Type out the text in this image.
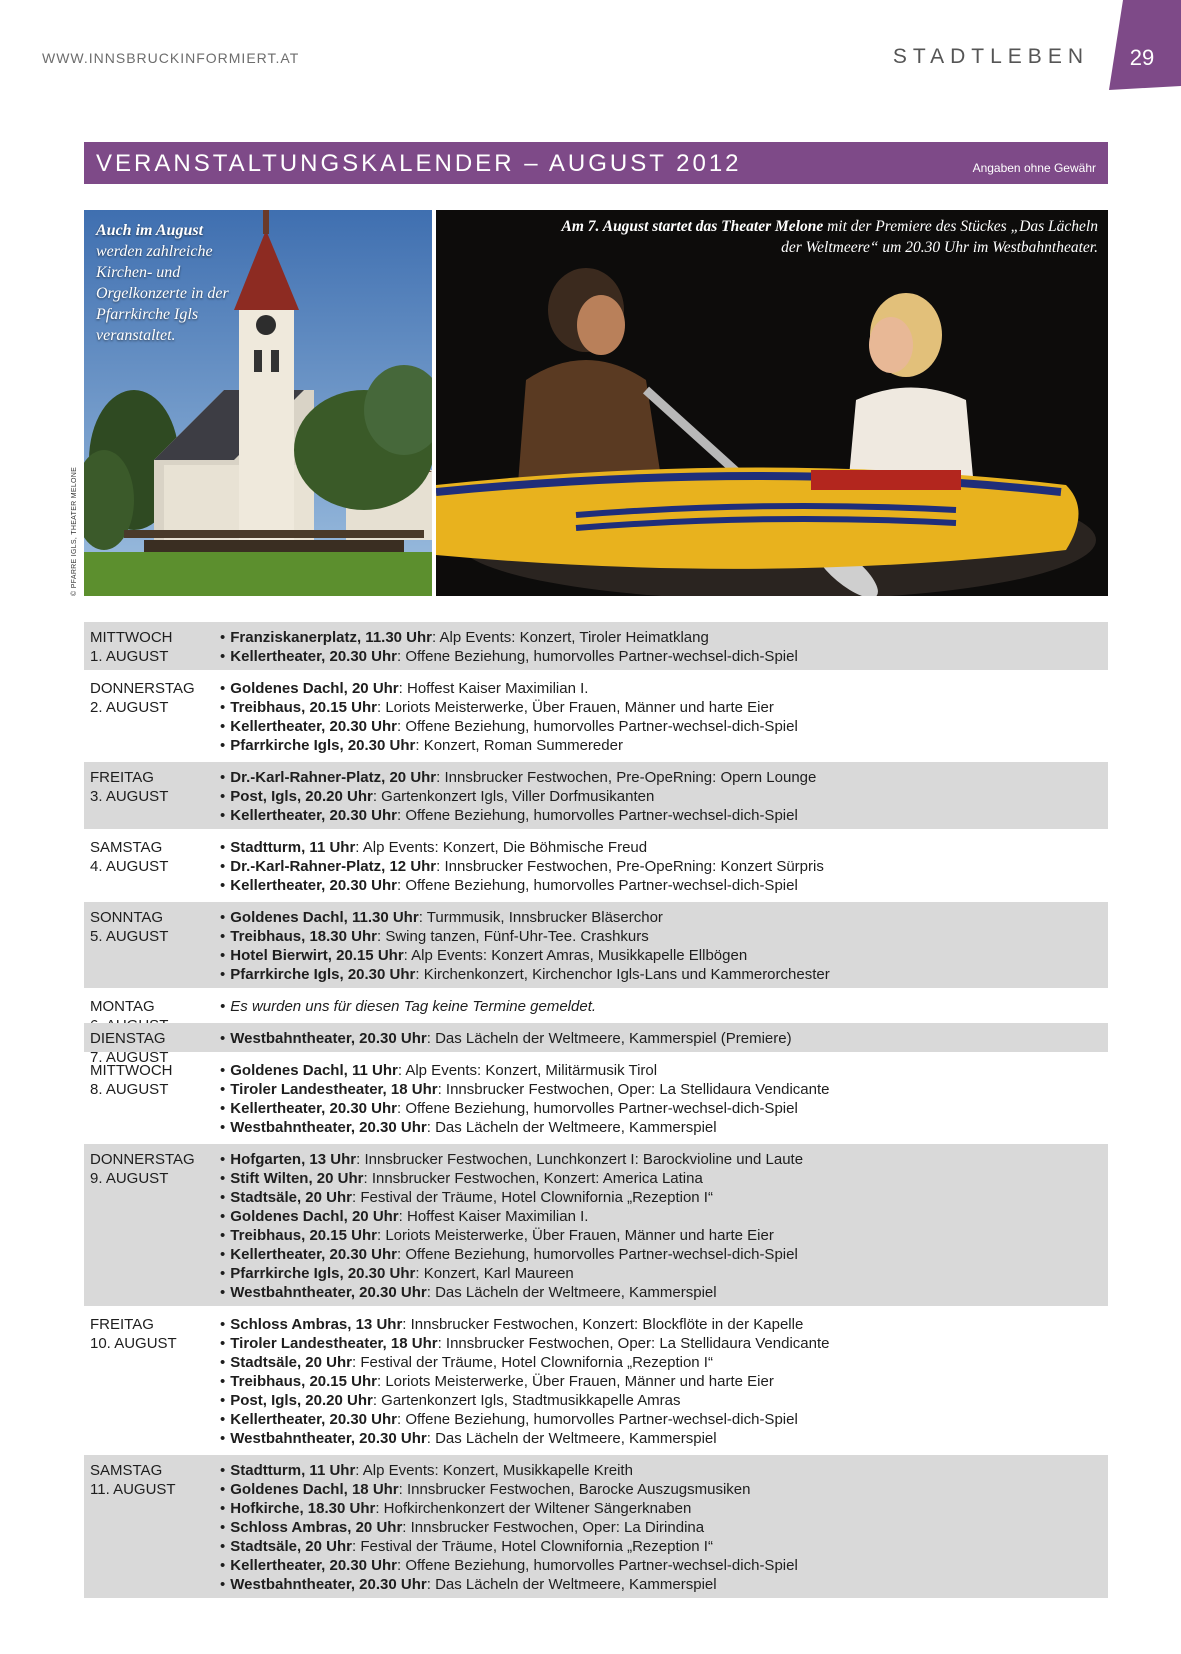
WWW.INNSBRUCKINFORMIERT.AT	STADTLEBEN	29
VERANSTALTUNGSKALENDER – AUGUST 2012	Angaben ohne Gewähr
Auch im August werden zahlreiche Kirchen- und Orgelkonzerte in der Pfarrkirche Igls veranstaltet.
Am 7. August startet das Theater Melone mit der Premiere des Stückes „Das Lächeln der Weltmeere“ um 20.30 Uhr im Westbahntheater.
© PFARRE IGLS, THEATER MELONE
MITTWOCH
1. AUGUST
• Franziskanerplatz, 11.30 Uhr: Alp Events: Konzert, Tiroler Heimatklang
• Kellertheater, 20.30 Uhr: Offene Beziehung, humorvolles Partner-wechsel-dich-Spiel
DONNERSTAG
2. AUGUST
• Goldenes Dachl, 20 Uhr: Hoffest Kaiser Maximilian I.
• Treibhaus, 20.15 Uhr: Loriots Meisterwerke, Über Frauen, Männer und harte Eier
• Kellertheater, 20.30 Uhr: Offene Beziehung, humorvolles Partner-wechsel-dich-Spiel
• Pfarrkirche Igls, 20.30 Uhr: Konzert, Roman Summereder
FREITAG
3. AUGUST
• Dr.-Karl-Rahner-Platz, 20 Uhr: Innsbrucker Festwochen, Pre-OpeRning: Opern Lounge
• Post, Igls, 20.20 Uhr: Gartenkonzert Igls, Viller Dorfmusikanten
• Kellertheater, 20.30 Uhr: Offene Beziehung, humorvolles Partner-wechsel-dich-Spiel
SAMSTAG
4. AUGUST
• Stadtturm, 11 Uhr: Alp Events: Konzert, Die Böhmische Freud
• Dr.-Karl-Rahner-Platz, 12 Uhr: Innsbrucker Festwochen, Pre-OpeRning: Konzert Sürpris
• Kellertheater, 20.30 Uhr: Offene Beziehung, humorvolles Partner-wechsel-dich-Spiel
SONNTAG
5. AUGUST
• Goldenes Dachl, 11.30 Uhr: Turmmusik, Innsbrucker Bläserchor
• Treibhaus, 18.30 Uhr: Swing tanzen, Fünf-Uhr-Tee. Crashkurs
• Hotel Bierwirt, 20.15 Uhr: Alp Events: Konzert Amras, Musikkapelle Ellbögen
• Pfarrkirche Igls, 20.30 Uhr: Kirchenkonzert, Kirchenchor Igls-Lans und Kammerorchester
MONTAG
•	Es wurden uns für diesen Tag keine Termine gemeldet.
DIENSTAG
7. AUGUST
• Westbahntheater, 20.30 Uhr: Das Lächeln der Weltmeere, Kammerspiel (Premiere)
MITTWOCH
8. AUGUST
• Goldenes Dachl, 11 Uhr: Alp Events: Konzert, Militärmusik Tirol
• Tiroler Landestheater, 18 Uhr: Innsbrucker Festwochen, Oper: La Stellidaura Vendicante
• Kellertheater, 20.30 Uhr: Offene Beziehung, humorvolles Partner-wechsel-dich-Spiel
• Westbahntheater, 20.30 Uhr: Das Lächeln der Weltmeere, Kammerspiel
DONNERSTAG
9. AUGUST
• Hofgarten, 13 Uhr: Innsbrucker Festwochen, Lunchkonzert I: Barockvioline und Laute
• Stift Wilten, 20 Uhr: Innsbrucker Festwochen, Konzert: America Latina
• Stadtsäle, 20 Uhr: Festival der Träume, Hotel Clowniforni​a „Rezeption I“
• Goldenes Dachl, 20 Uhr: Hoffest Kaiser Maximilian I.
• Treibhaus, 20.15 Uhr: Loriots Meisterwerke, Über Frauen, Männer und harte Eier
• Kellertheater, 20.30 Uhr: Offene Beziehung, humorvolles Partner-wechsel-dich-Spiel
• Pfarrkirche Igls, 20.30 Uhr: Konzert, Karl Maureen
• Westbahntheater, 20.30 Uhr: Das Lächeln der Weltmeere, Kammerspiel
FREITAG
10. AUGUST
• Schloss Ambras, 13 Uhr: Innsbrucker Festwochen, Konzert: Blockflöte in der Kapelle
• Tiroler Landestheater, 18 Uhr: Innsbrucker Festwochen, Oper: La Stellidaura Vendicante
• Stadtsäle, 20 Uhr: Festival der Träume, Hotel Clowniforni​a „Rezeption I“
• Treibhaus, 20.15 Uhr: Loriots Meisterwerke, Über Frauen, Männer und harte Eier
• Post, Igls, 20.20 Uhr: Gartenkonzert Igls, Stadtmusikkapelle Amras
• Kellertheater, 20.30 Uhr: Offene Beziehung, humorvolles Partner-wechsel-dich-Spiel
• Westbahntheater, 20.30 Uhr: Das Lächeln der Weltmeere, Kammerspiel
SAMSTAG
11. AUGUST
• Stadtturm, 11 Uhr: Alp Events: Konzert, Musikkapelle Kreith
• Goldenes Dachl, 18 Uhr: Innsbrucker Festwochen, Barocke Auszugsmusiken
• Hofkirche, 18.30 Uhr: Hofkirchenkonzert der Wiltener Sängerknaben
• Schloss Ambras, 20 Uhr: Innsbrucker Festwochen, Oper: La Dirindina
• Stadtsäle, 20 Uhr: Festival der Träume, Hotel Clowniforni​a „Rezeption I“
• Kellertheater, 20.30 Uhr: Offene Beziehung, humorvolles Partner-wechsel-dich-Spiel
• Westbahntheater, 20.30 Uhr: Das Lächeln der Weltmeere, Kammerspiel
